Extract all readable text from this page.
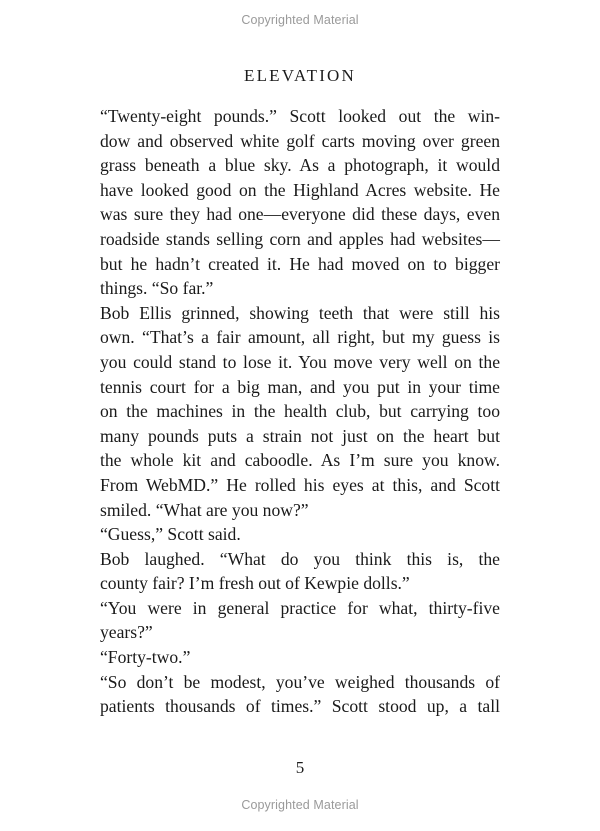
Copyrighted Material
ELEVATION
“Twenty-eight pounds.” Scott looked out the win-
dow and observed white golf carts moving over green
grass beneath a blue sky. As a photograph, it would
have looked good on the Highland Acres website. He
was sure they had one—everyone did these days, even
roadside stands selling corn and apples had websites—
but he hadn’t created it. He had moved on to bigger
things. “So far.”
Bob Ellis grinned, showing teeth that were still his
own. “That’s a fair amount, all right, but my guess is
you could stand to lose it. You move very well on the
tennis court for a big man, and you put in your time
on the machines in the health club, but carrying too
many pounds puts a strain not just on the heart but
the whole kit and caboodle. As I’m sure you know.
From WebMD.” He rolled his eyes at this, and Scott
smiled. “What are you now?”
“Guess,” Scott said.
Bob laughed. “What do you think this is, the
county fair? I’m fresh out of Kewpie dolls.”
“You were in general practice for what, thirty-five
years?”
“Forty-two.”
“So don’t be modest, you’ve weighed thousands of
patients thousands of times.” Scott stood up, a tall
5
Copyrighted Material
